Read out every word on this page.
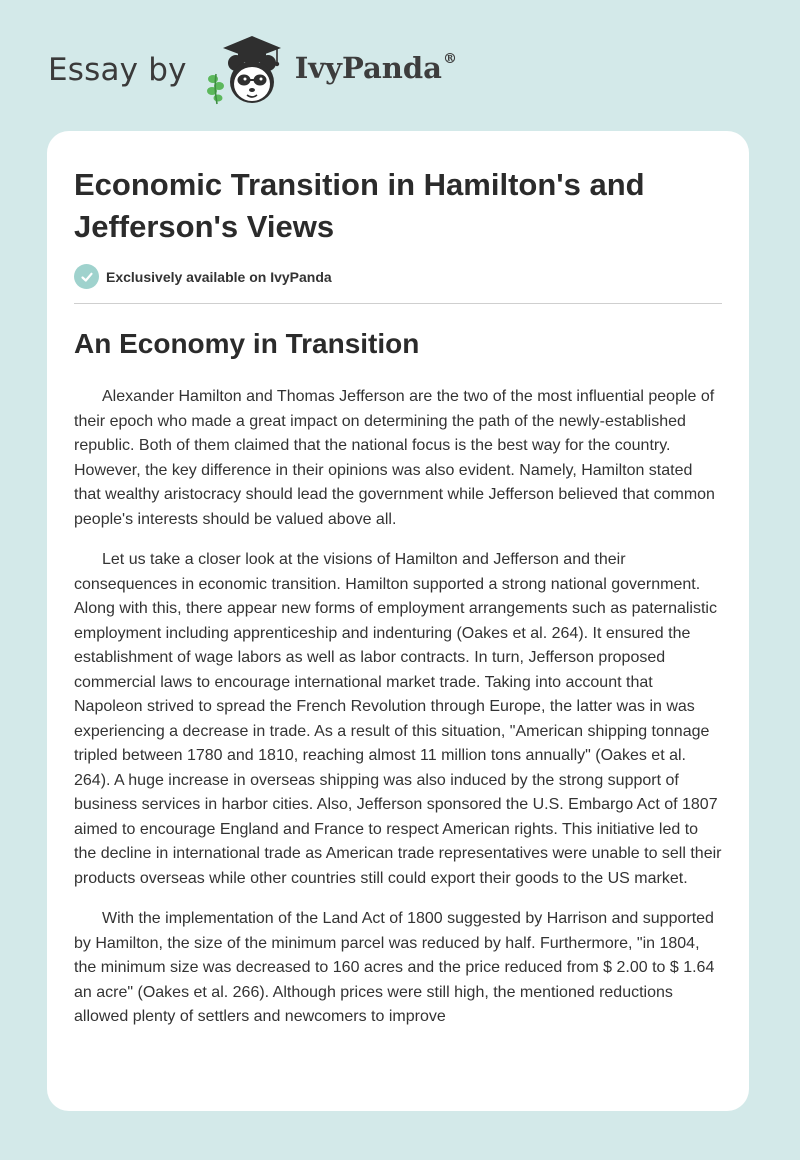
Essay by	IvyPanda®
Economic Transition in Hamilton's and Jefferson's Views
Exclusively available on IvyPanda
An Economy in Transition

Alexander Hamilton and Thomas Jefferson are the two of the most influential people of their epoch who made a great impact on determining the path of the newly-established republic. Both of them claimed that the national focus is the best way for the country. However, the key difference in their opinions was also evident. Namely, Hamilton stated that wealthy aristocracy should lead the government while Jefferson believed that common people's interests should be valued above all.

Let us take a closer look at the visions of Hamilton and Jefferson and their consequences in economic transition. Hamilton supported a strong national government. Along with this, there appear new forms of employment arrangements such as paternalistic employment including apprenticeship and indenturing (Oakes et al. 264). It ensured the establishment of wage labors as well as labor contracts. In turn, Jefferson proposed commercial laws to encourage international market trade. Taking into account that Napoleon strived to spread the French Revolution through Europe, the latter was in was experiencing a decrease in trade. As a result of this situation, "American shipping tonnage tripled between 1780 and 1810, reaching almost 11 million tons annually" (Oakes et al. 264). A huge increase in overseas shipping was also induced by the strong support of business services in harbor cities. Also, Jefferson sponsored the U.S. Embargo Act of 1807 aimed to encourage England and France to respect American rights. This initiative led to the decline in international trade as American trade representatives were unable to sell their products overseas while other countries still could export their goods to the US market.

With the implementation of the Land Act of 1800 suggested by Harrison and supported by Hamilton, the size of the minimum parcel was reduced by half. Furthermore, "in 1804, the minimum size was decreased to 160 acres and the price reduced from $ 2.00 to $ 1.64 an acre" (Oakes et al. 266). Although prices were still high, the mentioned reductions allowed plenty of settlers and newcomers to improve
